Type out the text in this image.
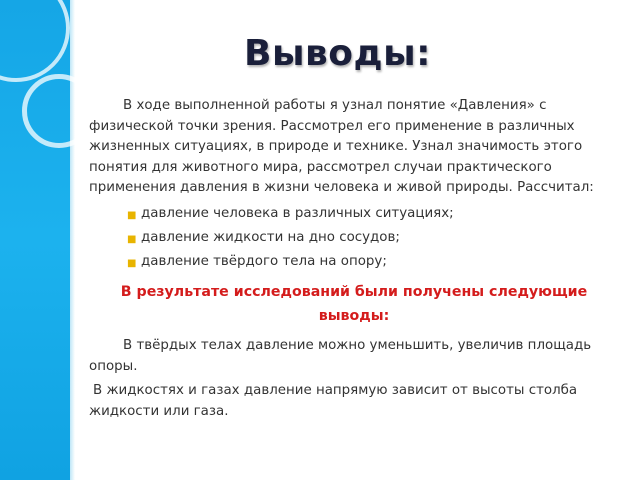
Выводы:

В ходе выполненной работы я узнал понятие «Давления» с физической точки зрения. Рассмотрел его применение в различных жизненных ситуациях, в природе и технике. Узнал значимость этого понятия для животного мира, рассмотрел случаи практического применения давления в жизни человека и живой природы. Рассчитал:

■ давление человека в различных ситуациях;
■ давление жидкости на дно сосудов;
■ давление твёрдого тела на опору;

В результате исследований были получены следующие выводы:

В твёрдых телах давление можно уменьшить, увеличив площадь опоры.

В жидкостях и газах давление напрямую зависит от высоты столба жидкости или газа.
